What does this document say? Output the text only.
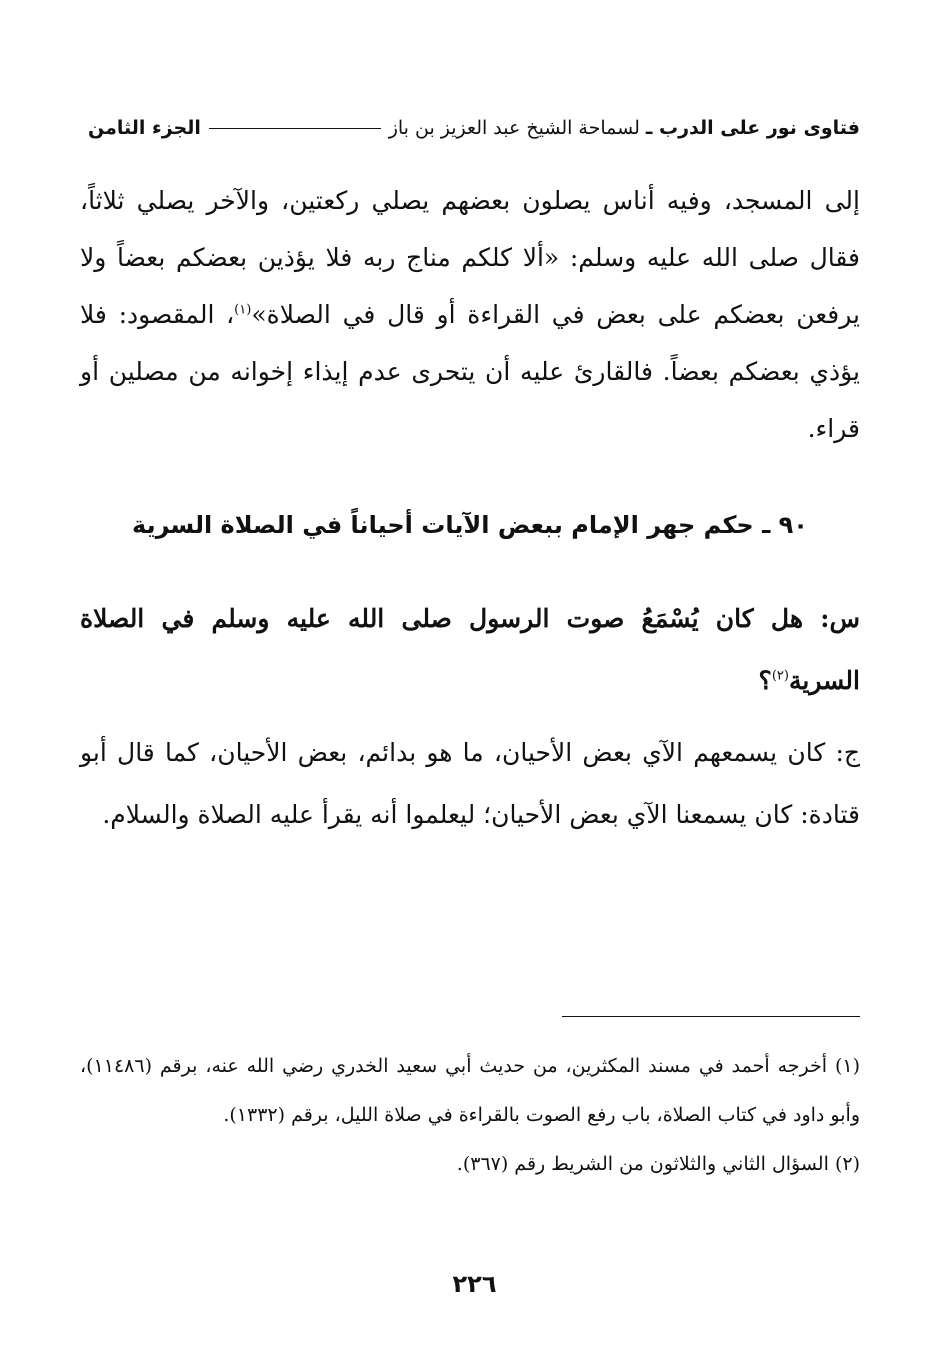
فتاوى نور على الدرب ـ
لسماحة الشيخ عبد العزيز بن باز
الجزء الثامن
إلى المسجد، وفيه أناس يصلون بعضهم يصلي ركعتين، والآخر يصلي ثلاثاً، فقال صلى الله عليه وسلم: «ألا كلكم مناج ربه فلا يؤذين بعضكم بعضاً ولا يرفعن بعضكم على بعض في القراءة أو قال في الصلاة»$^{(١)}$، المقصود: فلا يؤذي بعضكم بعضاً. فالقارئ عليه أن يتحرى عدم إيذاء إخوانه من مصلين أو قراء.
٩٠ ـ حكم جهر الإمام ببعض الآيات أحياناً في الصلاة السرية
س: هل كان يُسْمَعُ صوت الرسول صلى الله عليه وسلم في الصلاة السرية$^{(٢)}$؟
ج: كان يسمعهم الآي بعض الأحيان، ما هو بدائم، بعض الأحيان، كما قال أبو قتادة: كان يسمعنا الآي بعض الأحيان؛ ليعلموا أنه يقرأ عليه الصلاة والسلام.
(١) أخرجه أحمد في مسند المكثرين، من حديث أبي سعيد الخدري رضي الله عنه، برقم (١١٤٨٦)، وأبو داود في كتاب الصلاة، باب رفع الصوت بالقراءة في صلاة الليل، برقم (١٣٣٢).
(٢) السؤال الثاني والثلاثون من الشريط رقم (٣٦٧).
٢٢٦
